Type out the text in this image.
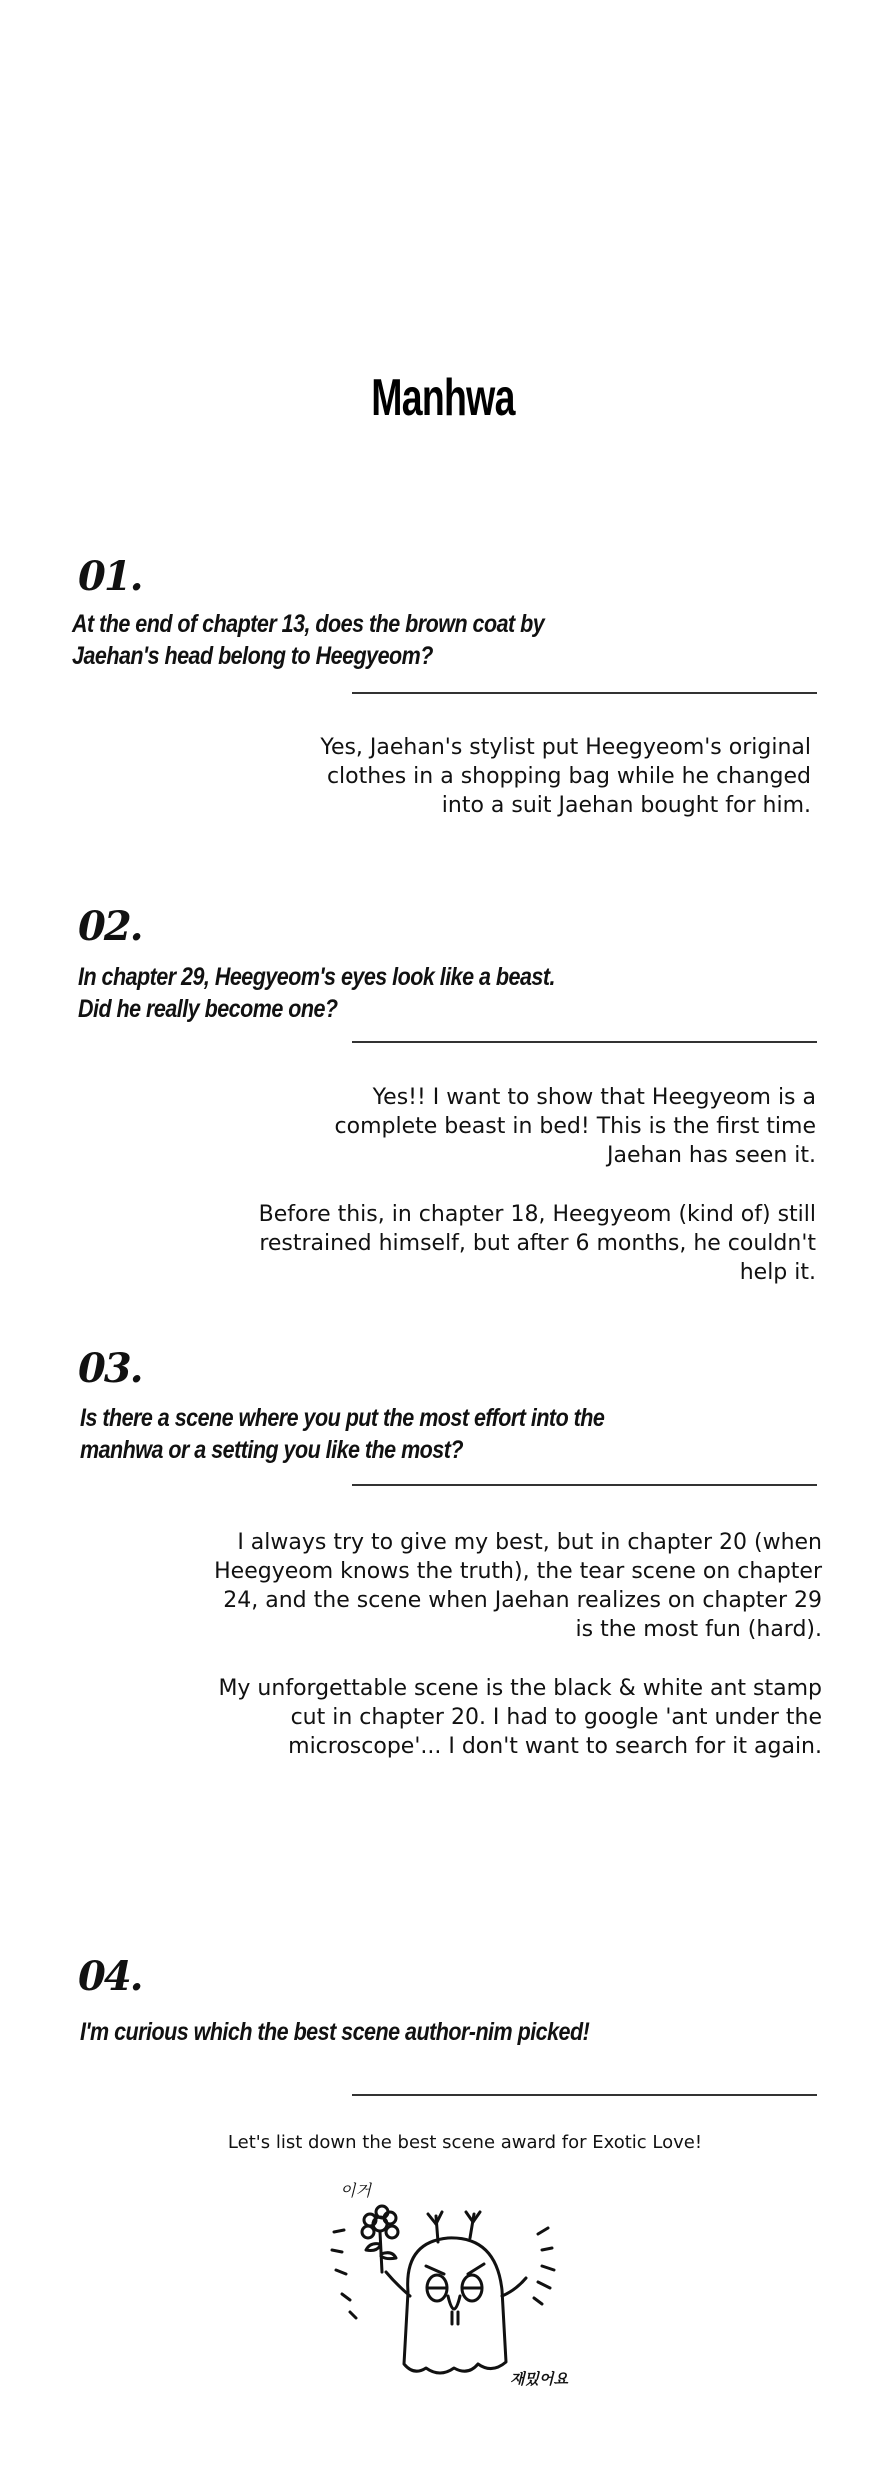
Manhwa
01.
At the end of chapter 13, does the brown coat by
Jaehan's head belong to Heegyeom?
Yes, Jaehan's stylist put Heegyeom's original
clothes in a shopping bag while he changed
into a suit Jaehan bought for him.
02.
In chapter 29, Heegyeom's eyes look like a beast.
Did he really become one?
Yes!! I want to show that Heegyeom is a
complete beast in bed! This is the first time
Jaehan has seen it.
Before this, in chapter 18, Heegyeom (kind of) still
restrained himself, but after 6 months, he couldn't
help it.
03.
Is there a scene where you put the most effort into the
manhwa or a setting you like the most?
I always try to give my best, but in chapter 20 (when
Heegyeom knows the truth), the tear scene on chapter
24, and the scene when Jaehan realizes on chapter 29
is the most fun (hard).
My unforgettable scene is the black & white ant stamp
cut in chapter 20. I had to google 'ant under the
microscope'... I don't want to search for it again.
04.
I'm curious which the best scene author-nim picked!
Let's list down the best scene award for Exotic Love!
이거
재밌어요
